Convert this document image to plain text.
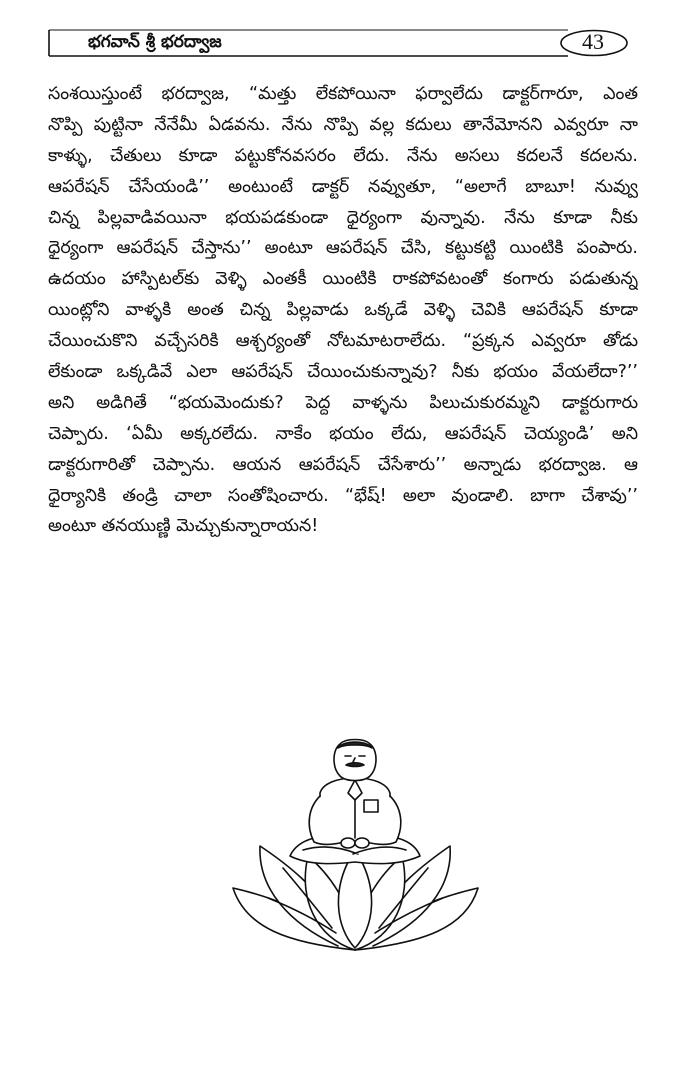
భగవాన్ శ్రీ భరద్వాజ	43
సంశయిస్తుంటే భరద్వాజ, “మత్తు లేకపోయినా ఫర్వాలేదు డాక్టర్‌గారూ, ఎంత
నొప్పి పుట్టినా నేనేమీ ఏడవను. నేను నొప్పి వల్ల కదులు తానేమోనని ఎవ్వరూ నా
కాళ్ళు, చేతులు కూడా పట్టుకోనవసరం లేదు. నేను అసలు కదలనే కదలను.
ఆపరేషన్ చేసేయండి’’ అంటుంటే డాక్టర్ నవ్వుతూ, “అలాగే బాబూ! నువ్వు
చిన్న పిల్లవాడివయినా భయపడకుండా ధైర్యంగా వున్నావు. నేను కూడా నీకు
ధైర్యంగా ఆపరేషన్ చేస్తాను’’ అంటూ ఆపరేషన్ చేసి, కట్టుకట్టి యింటికి పంపారు.
ఉదయం హాస్పిటల్‌కు వెళ్ళి ఎంతకీ యింటికి రాకపోవటంతో కంగారు పడుతున్న
యింట్లోని వాళ్ళకి అంత చిన్న పిల్లవాడు ఒక్కడే వెళ్ళి చెవికి ఆపరేషన్ కూడా
చేయించుకొని వచ్చేసరికి ఆశ్చర్యంతో నోటమాటరాలేదు. “ప్రక్కన ఎవ్వరూ తోడు
లేకుండా ఒక్కడివే ఎలా ఆపరేషన్ చేయించుకున్నావు? నీకు భయం వేయలేదా?’’
అని అడిగితే “భయమెందుకు? పెద్ద వాళ్ళను పిలుచుకురమ్మని డాక్టరుగారు
చెప్పారు. ‘ఏమీ అక్కరలేదు. నాకేం భయం లేదు, ఆపరేషన్ చెయ్యండి’ అని
డాక్టరుగారితో చెప్పాను. ఆయన ఆపరేషన్ చేసేశారు’’ అన్నాడు భరద్వాజ. ఆ
ధైర్యానికి తండ్రి చాలా సంతోషించారు. “భేష్! అలా వుండాలి. బాగా చేశావు’’
అంటూ తనయుణ్ణి మెచ్చుకున్నారాయన!
